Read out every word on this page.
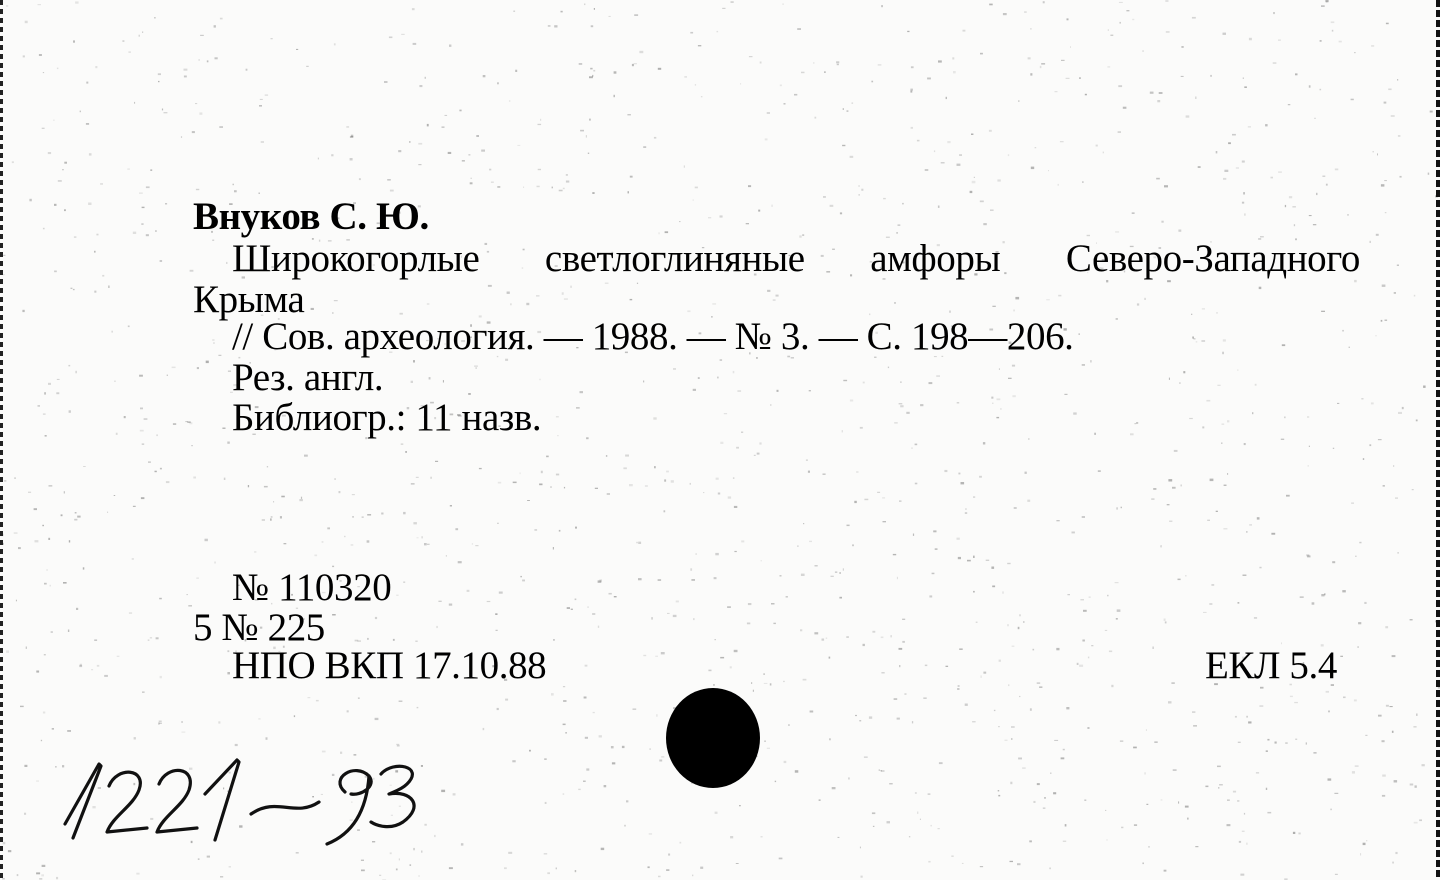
Внуков С. Ю.
Широкогорлые светлоглиняные амфоры Северо-Западного
Крыма
// Сов. археология. — 1988. — № 3. — С. 198—206.
Рез. англ.
Библиогр.: 11 назв.
№ 110320
5 № 225
НПО ВКП 17.10.88	ЕКЛ 5.4
